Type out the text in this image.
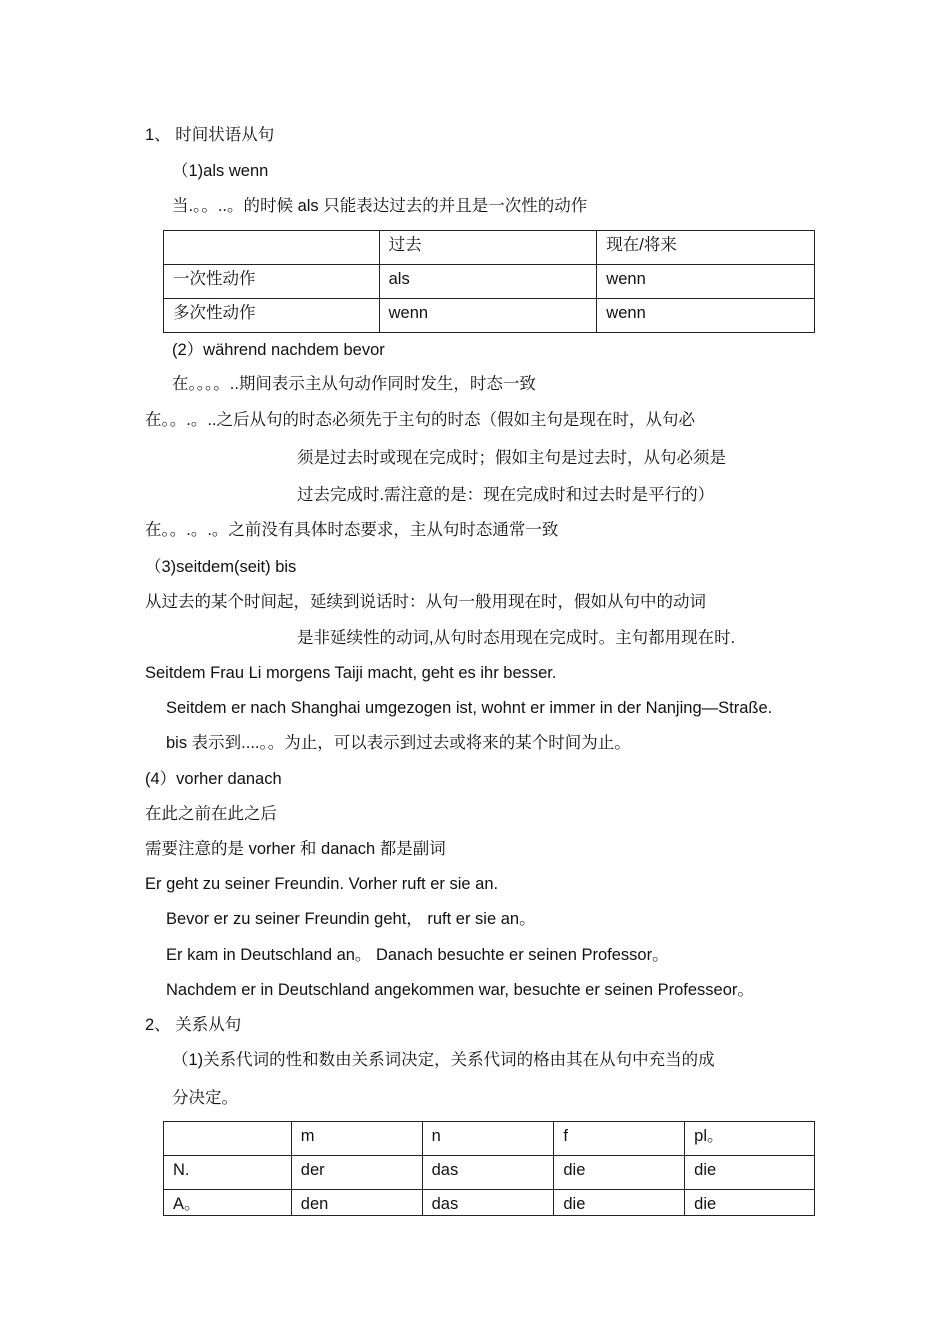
1、 时间状语从句
（1)als wenn
当.。。..。的时候 als 只能表达过去的并且是一次性的动作

	过去	现在/将来

一次性动作	als	wenn

多次性动作	wenn	wenn
(2）während nachdem bevor
在。。。。..期间表示主从句动作同时发生，时态一致
在。。.。..之后从句的时态必须先于主句的时态（假如主句是现在时，从句必
须是过去时或现在完成时；假如主句是过去时，从句必须是
过去完成时.需注意的是：现在完成时和过去时是平行的）
在。。.。.。之前没有具体时态要求，主从句时态通常一致
（3)seitdem(seit) bis
从过去的某个时间起，延续到说话时：从句一般用现在时，假如从句中的动词
是非延续性的动词,从句时态用现在完成时。主句都用现在时.
Seitdem Frau Li morgens Taiji macht, geht es ihr besser.
Seitdem er nach Shanghai umgezogen ist, wohnt er immer in der Nanjing—Straße.
bis 表示到....。。为止，可以表示到过去或将来的某个时间为止。
(4）vorher danach
在此之前在此之后
需要注意的是 vorher 和 danach 都是副词
Er geht zu seiner Freundin. Vorher ruft er sie an.
Bevor er zu seiner Freundin geht， ruft er sie an。
Er kam in Deutschland an。 Danach besuchte er seinen Professor。
Nachdem er in Deutschland angekommen war, besuchte er seinen Professeor。
2、 关系从句
（1)关系代词的性和数由关系词决定，关系代词的格由其在从句中充当的成
分决定。

	m	n	f	pl。

N.	der	das	die	die

A。	den	das	die	die
